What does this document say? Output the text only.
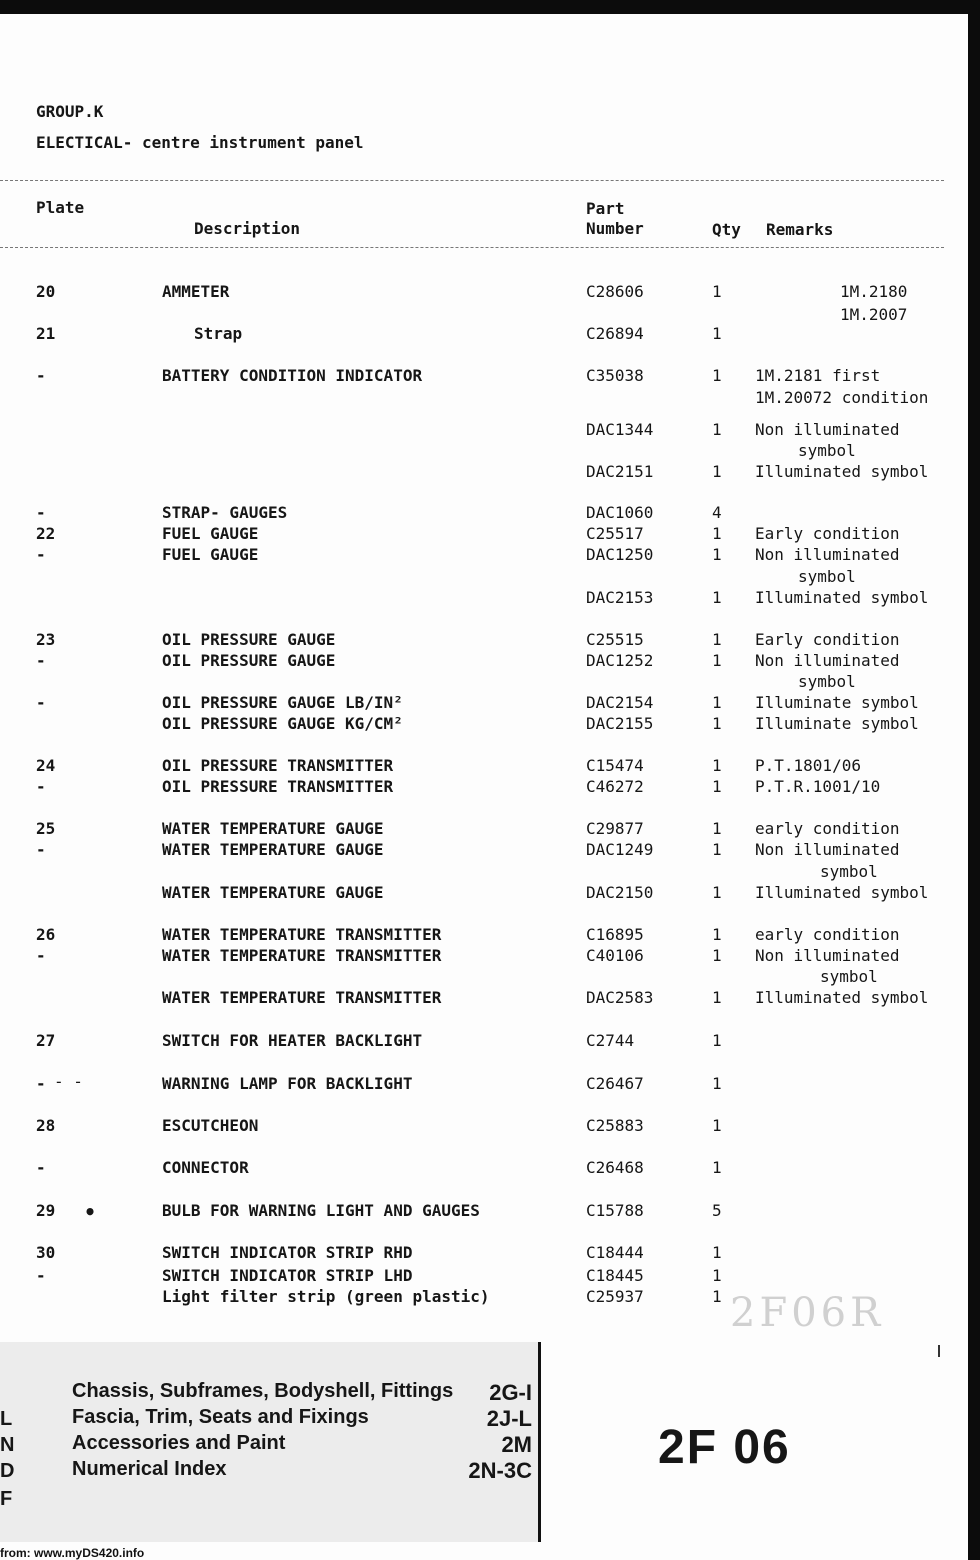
GROUP.K
ELECTICAL- centre instrument panel
Plate
Description
Part
Number	Qty Remarks
20	AMMETER	C28606	1	1M.2180
1M.2007
21	Strap	C26894	1
-	BATTERY CONDITION INDICATOR	C35038	1 1M.2181 first
1M.20072 condition
DAC1344	1 Non illuminated
symbol
DAC2151	1 Illuminated symbol
-	STRAP- GAUGES	DAC1060	4
22	FUEL GAUGE	C25517	1 Early condition
-	FUEL GAUGE	DAC1250	1 Non illuminated
symbol
DAC2153	1 Illuminated symbol
23	OIL PRESSURE GAUGE	C25515	1 Early condition
-	OIL PRESSURE GAUGE	DAC1252	1 Non illuminated
symbol
-	OIL PRESSURE GAUGE LB/IN²	DAC2154	1 Illuminate symbol
OIL PRESSURE GAUGE KG/CM²	DAC2155	1 Illuminate symbol
24	OIL PRESSURE TRANSMITTER	C15474	1 P.T.1801/06
-	OIL PRESSURE TRANSMITTER	C46272	1 P.T.R.1001/10
25	WATER TEMPERATURE GAUGE	C29877	1 early condition
-	WATER TEMPERATURE GAUGE	DAC1249	1 Non illuminated
symbol
WATER TEMPERATURE GAUGE	DAC2150	1 Illuminated symbol
26	WATER TEMPERATURE TRANSMITTER	C16895	1 early condition
-	WATER TEMPERATURE TRANSMITTER	C40106	1 Non illuminated
symbol
WATER TEMPERATURE TRANSMITTER	DAC2583	1 Illuminated symbol
27	SWITCH FOR HEATER BACKLIGHT	C2744	1
-	WARNING LAMP FOR BACKLIGHT	C26467	1
28	ESCUTCHEON	C25883	1
-	CONNECTOR	C26468	1
29	BULB FOR WARNING LIGHT AND GAUGES	C15788	5
30	SWITCH INDICATOR STRIP RHD	C18444	1
-	SWITCH INDICATOR STRIP LHD	C18445	1
Light filter strip (green plastic)	C25937	1
•
- -
2F06R
Chassis, Subframes, Bodyshell, Fittings 2G-I
Fascia, Trim, Seats and Fixings	2J-L
Accessories and Paint	2M
Numerical Index	2N-3C
L
N
D
F
2F 06
from: www.myDS420.info
